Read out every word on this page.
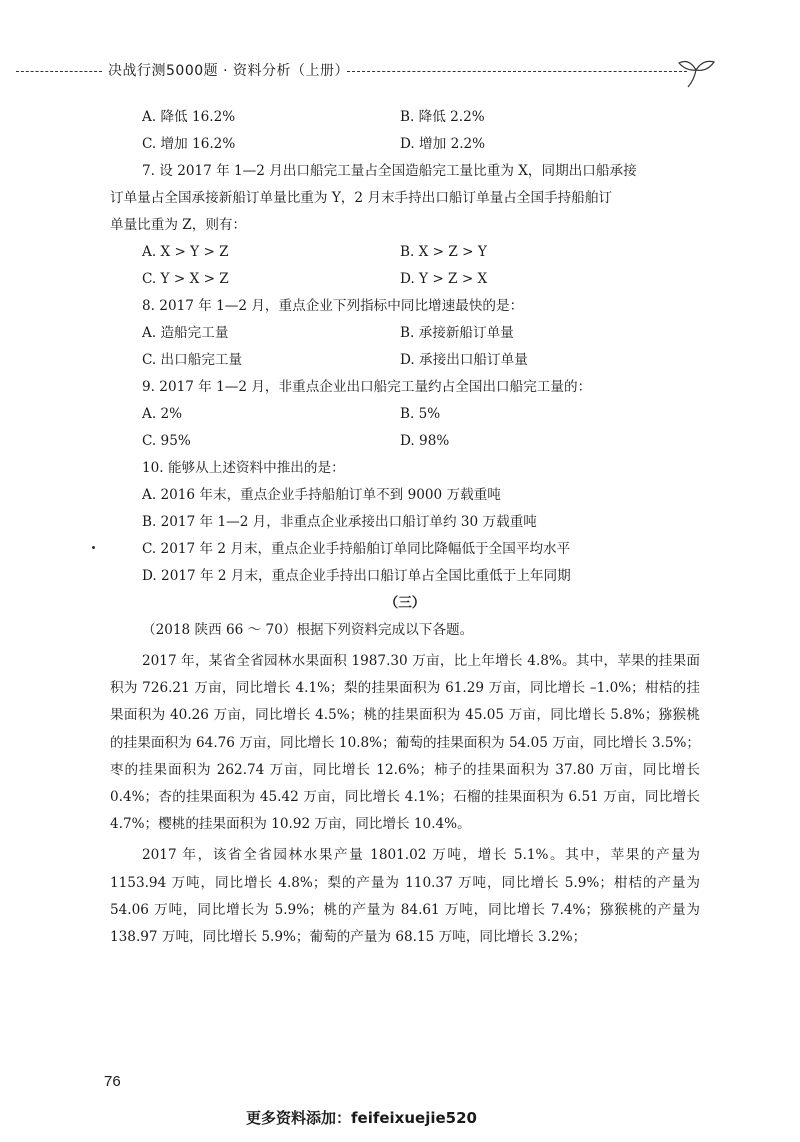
决战行测5000题 · 资料分析（上册）
A. 降低 16.2%	B. 降低 2.2%
C. 增加 16.2%	D. 增加 2.2%
7. 设 2017 年 1—2 月出口船完工量占全国造船完工量比重为 X，同期出口船承接
订单量占全国承接新船订单量比重为 Y，2 月末手持出口船订单量占全国手持船舶订
单量比重为 Z，则有：
A. X > Y > Z	B. X > Z > Y
C. Y > X > Z	D. Y > Z > X
8. 2017 年 1—2 月，重点企业下列指标中同比增速最快的是：
A. 造船完工量	B. 承接新船订单量
C. 出口船完工量	D. 承接出口船订单量
9. 2017 年 1—2 月，非重点企业出口船完工量约占全国出口船完工量的：
A. 2%	B. 5%
C. 95%	D. 98%
10. 能够从上述资料中推出的是：
A. 2016 年末，重点企业手持船舶订单不到 9000 万载重吨
B. 2017 年 1—2 月，非重点企业承接出口船订单约 30 万载重吨
C. 2017 年 2 月末，重点企业手持船舶订单同比降幅低于全国平均水平
D. 2017 年 2 月末，重点企业手持出口船订单占全国比重低于上年同期
（三）
（2018 陕西 66 ～ 70）根据下列资料完成以下各题。

2017 年，某省全省园林水果面积 1987.30 万亩，比上年增长 4.8%。其中，苹果的挂果面积为 726.21 万亩，同比增长 4.1%；梨的挂果面积为 61.29 万亩，同比增长 –1.0%；柑桔的挂果面积为 40.26 万亩，同比增长 4.5%；桃的挂果面积为 45.05 万亩，同比增长 5.8%；猕猴桃的挂果面积为 64.76 万亩，同比增长 10.8%；葡萄的挂果面积为 54.05 万亩，同比增长 3.5%；枣的挂果面积为 262.74 万亩，同比增长 12.6%；柿子的挂果面积为 37.80 万亩，同比增长 0.4%；杏的挂果面积为 45.42 万亩，同比增长 4.1%；石榴的挂果面积为 6.51 万亩，同比增长 4.7%；樱桃的挂果面积为 10.92 万亩，同比增长 10.4%。

2017 年，该省全省园林水果产量 1801.02 万吨，增长 5.1%。其中，苹果的产量为 1153.94 万吨，同比增长 4.8%；梨的产量为 110.37 万吨，同比增长 5.9%；柑桔的产量为 54.06 万吨，同比增长为 5.9%；桃的产量为 84.61 万吨，同比增长 7.4%；猕猴桃的产量为 138.97 万吨，同比增长 5.9%；葡萄的产量为 68.15 万吨，同比增长 3.2%；

76
更多资料添加：feifeixuejie520
